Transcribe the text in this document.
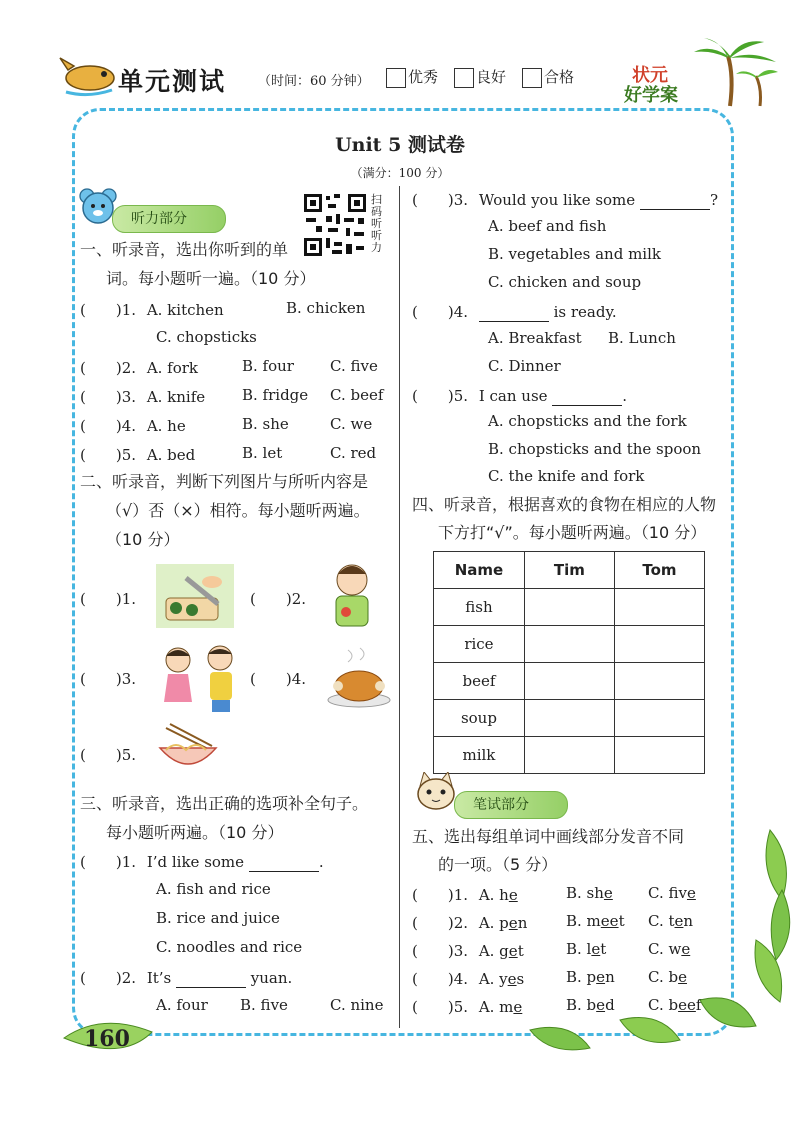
单元测试 （时间：60 分钟）	优秀	良好	合格	状元
好学案
Unit 5 测试卷
（满分：100 分）
听力部分
扫码听听力
一、听录音，选出你听到的单
词。每小题听一遍。（10 分）
(　　)1. A. kitchen	B. chicken
C. chopsticks
(　　)2. A. fork	B. four C. five
(　　)3. A. knife B. fridge C. beef
(　　)4. A. he	B. she	C. we
(　　)5. A. bed	B. let	C. red
二、听录音，判断下列图片与所听内容是
（√）否（×）相符。每小题听两遍。
（10 分）
(　　)1.	(　　)2.
(　　)3.	(　　)4.
(　　)5.
三、听录音，选出正确的选项补全句子。
每小题听两遍。（10 分）
(　　)1. I’d like some	.
A. fish and rice
B. rice and juice
C. noodles and rice
(　　)2. It’s	yuan.
A. four B. five	C. nine
(　　)3. Would you like some	?
A. beef and fish
B. vegetables and milk
C. chicken and soup
(　　)4.	is ready.
A. Breakfast B. Lunch
C. Dinner
(　　)5. I can use	.
A. chopsticks and the fork
B. chopsticks and the spoon
C. the knife and fork
四、听录音，根据喜欢的食物在相应的人物
下方打“√”。每小题听两遍。（10 分）
Name	Tim	Tom
fish		
rice		
beef		
soup		
milk		
笔试部分
五、选出每组单词中画线部分发音不同
的一项。（5 分）
(　　)1. A. he	B. she C. five
(　　)2. A. pen	B. meet C. ten
(　　)3. A. get	B. let	C. we
(　　)4. A. yes	B. pen C. be
(　　)5. A. me	B. bed C. beef
160
